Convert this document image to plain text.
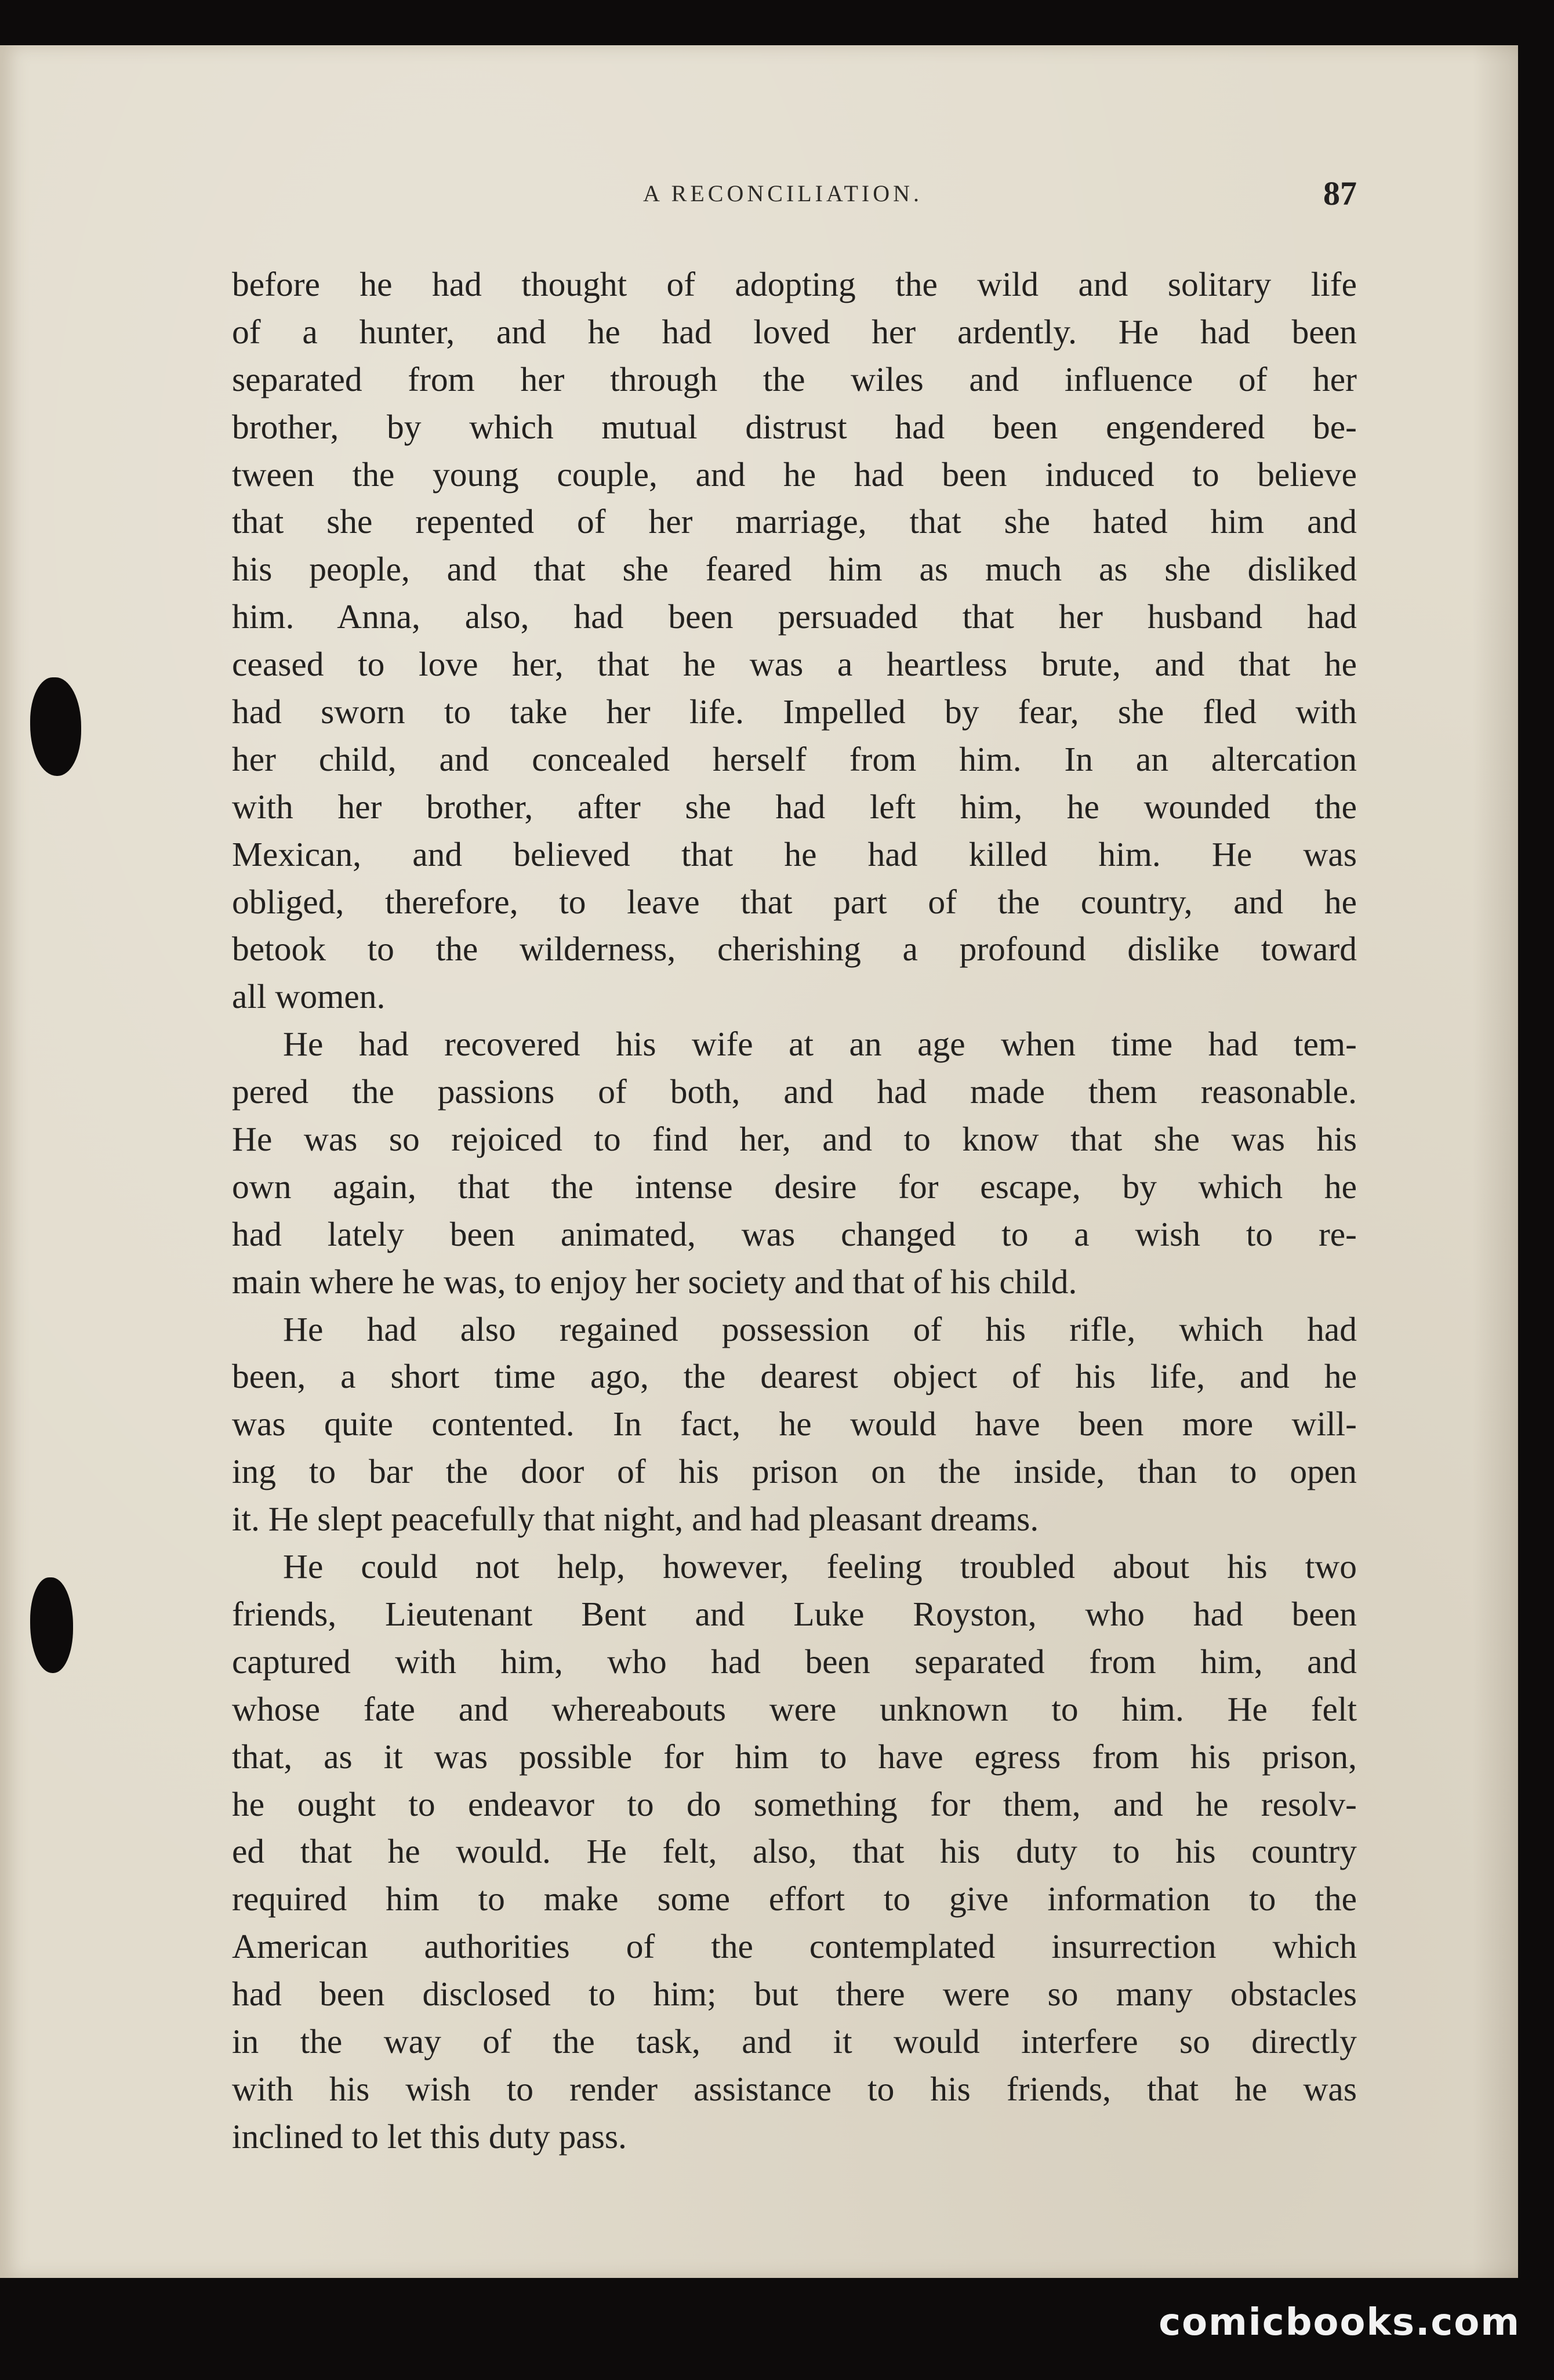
A RECONCILIATION.	87
before he had thought of adopting the wild and solitary life
of a hunter, and he had loved her ardently. He had been
separated from her through the wiles and influence of her
brother, by which mutual distrust had been engendered be-
tween the young couple, and he had been induced to believe
that she repented of her marriage, that she hated him and
his people, and that she feared him as much as she disliked
him. Anna, also, had been persuaded that her husband had
ceased to love her, that he was a heartless brute, and that he
had sworn to take her life. Impelled by fear, she fled with
her child, and concealed herself from him. In an altercation
with her brother, after she had left him, he wounded the
Mexican, and believed that he had killed him. He was
obliged, therefore, to leave that part of the country, and he
betook to the wilderness, cherishing a profound dislike toward
all women.
He had recovered his wife at an age when time had tem-
pered the passions of both, and had made them reasonable.
He was so rejoiced to find her, and to know that she was his
own again, that the intense desire for escape, by which he
had lately been animated, was changed to a wish to re-
main where he was, to enjoy her society and that of his child.
He had also regained possession of his rifle, which had
been, a short time ago, the dearest object of his life, and he
was quite contented. In fact, he would have been more will-
ing to bar the door of his prison on the inside, than to open
it. He slept peacefully that night, and had pleasant dreams.
He could not help, however, feeling troubled about his two
friends, Lieutenant Bent and Luke Royston, who had been
captured with him, who had been separated from him, and
whose fate and whereabouts were unknown to him. He felt
that, as it was possible for him to have egress from his prison,
he ought to endeavor to do something for them, and he resolv-
ed that he would. He felt, also, that his duty to his country
required him to make some effort to give information to the
American authorities of the contemplated insurrection which
had been disclosed to him; but there were so many obstacles
in the way of the task, and it would interfere so directly
with his wish to render assistance to his friends, that he was
inclined to let this duty pass.
comicbooks.com
